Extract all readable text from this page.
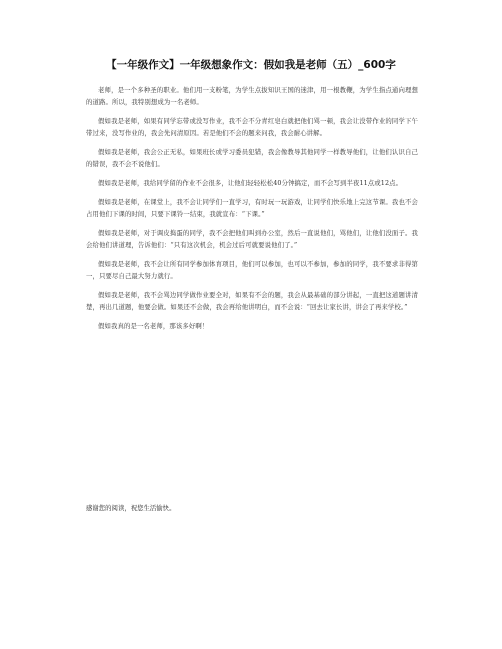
【一年级作文】一年级想象作文：假如我是老师（五）_600字

老师，是一个多种圣的职业。他们用一支粉笔，为学生点拔知识王国的迷津，用一根教鞭，为学生指点通向理想的道路。所以，我特别想成为一名老师。

假如我是老师，如果有同学忘带或没写作业，我不会不分青红皂白就把他们骂一顿，我会让没带作业的同学下午带过来，没写作业的，我会先问清原因。若是他们不会的题来问我，我会耐心讲解。

假如我是老师，我会公正无私，如果班长或学习委员犯错，我会像教导其他同学一样教导他们，让他们认识自己的错误，我不会不说他们。

假如我是老师，我给同学留的作业不会很多，让他们轻轻松松40分钟搞定，而不会写到半夜11点或12点。

假如我是老师，在课堂上，我不会让同学们一直学习，有时玩一玩游戏，让同学们快乐地上完这节课。我也不会占用他们下课的时间，只要下课铃一结束，我就宣布：“下课。”

假如我是老师，对于调皮捣蛋的同学，我不会把他们叫到办公室，然后一直说他们，骂他们，让他们没面子。我会给他们讲道理，告诉他们：“只有这次机会，机会过后可就要说他们了。”

假如我是老师，我不会让所有同学参加体育项目，他们可以参加，也可以不参加，参加的同学，我不要求非得第一，只要尽自己最大努力就行。

假如我是老师，我不会骂边同学做作业要全对，如果有不会的题，我会从最基础的部分讲起，一直把这道题讲清楚，再出几道题，他要会做。如果还不会做，我会再给他讲明白，而不会说：“回去让家长讲，讲会了再来学校。”

假如我真的是一名老师，那该多好啊！

感谢您的阅读，祝您生活愉快。
